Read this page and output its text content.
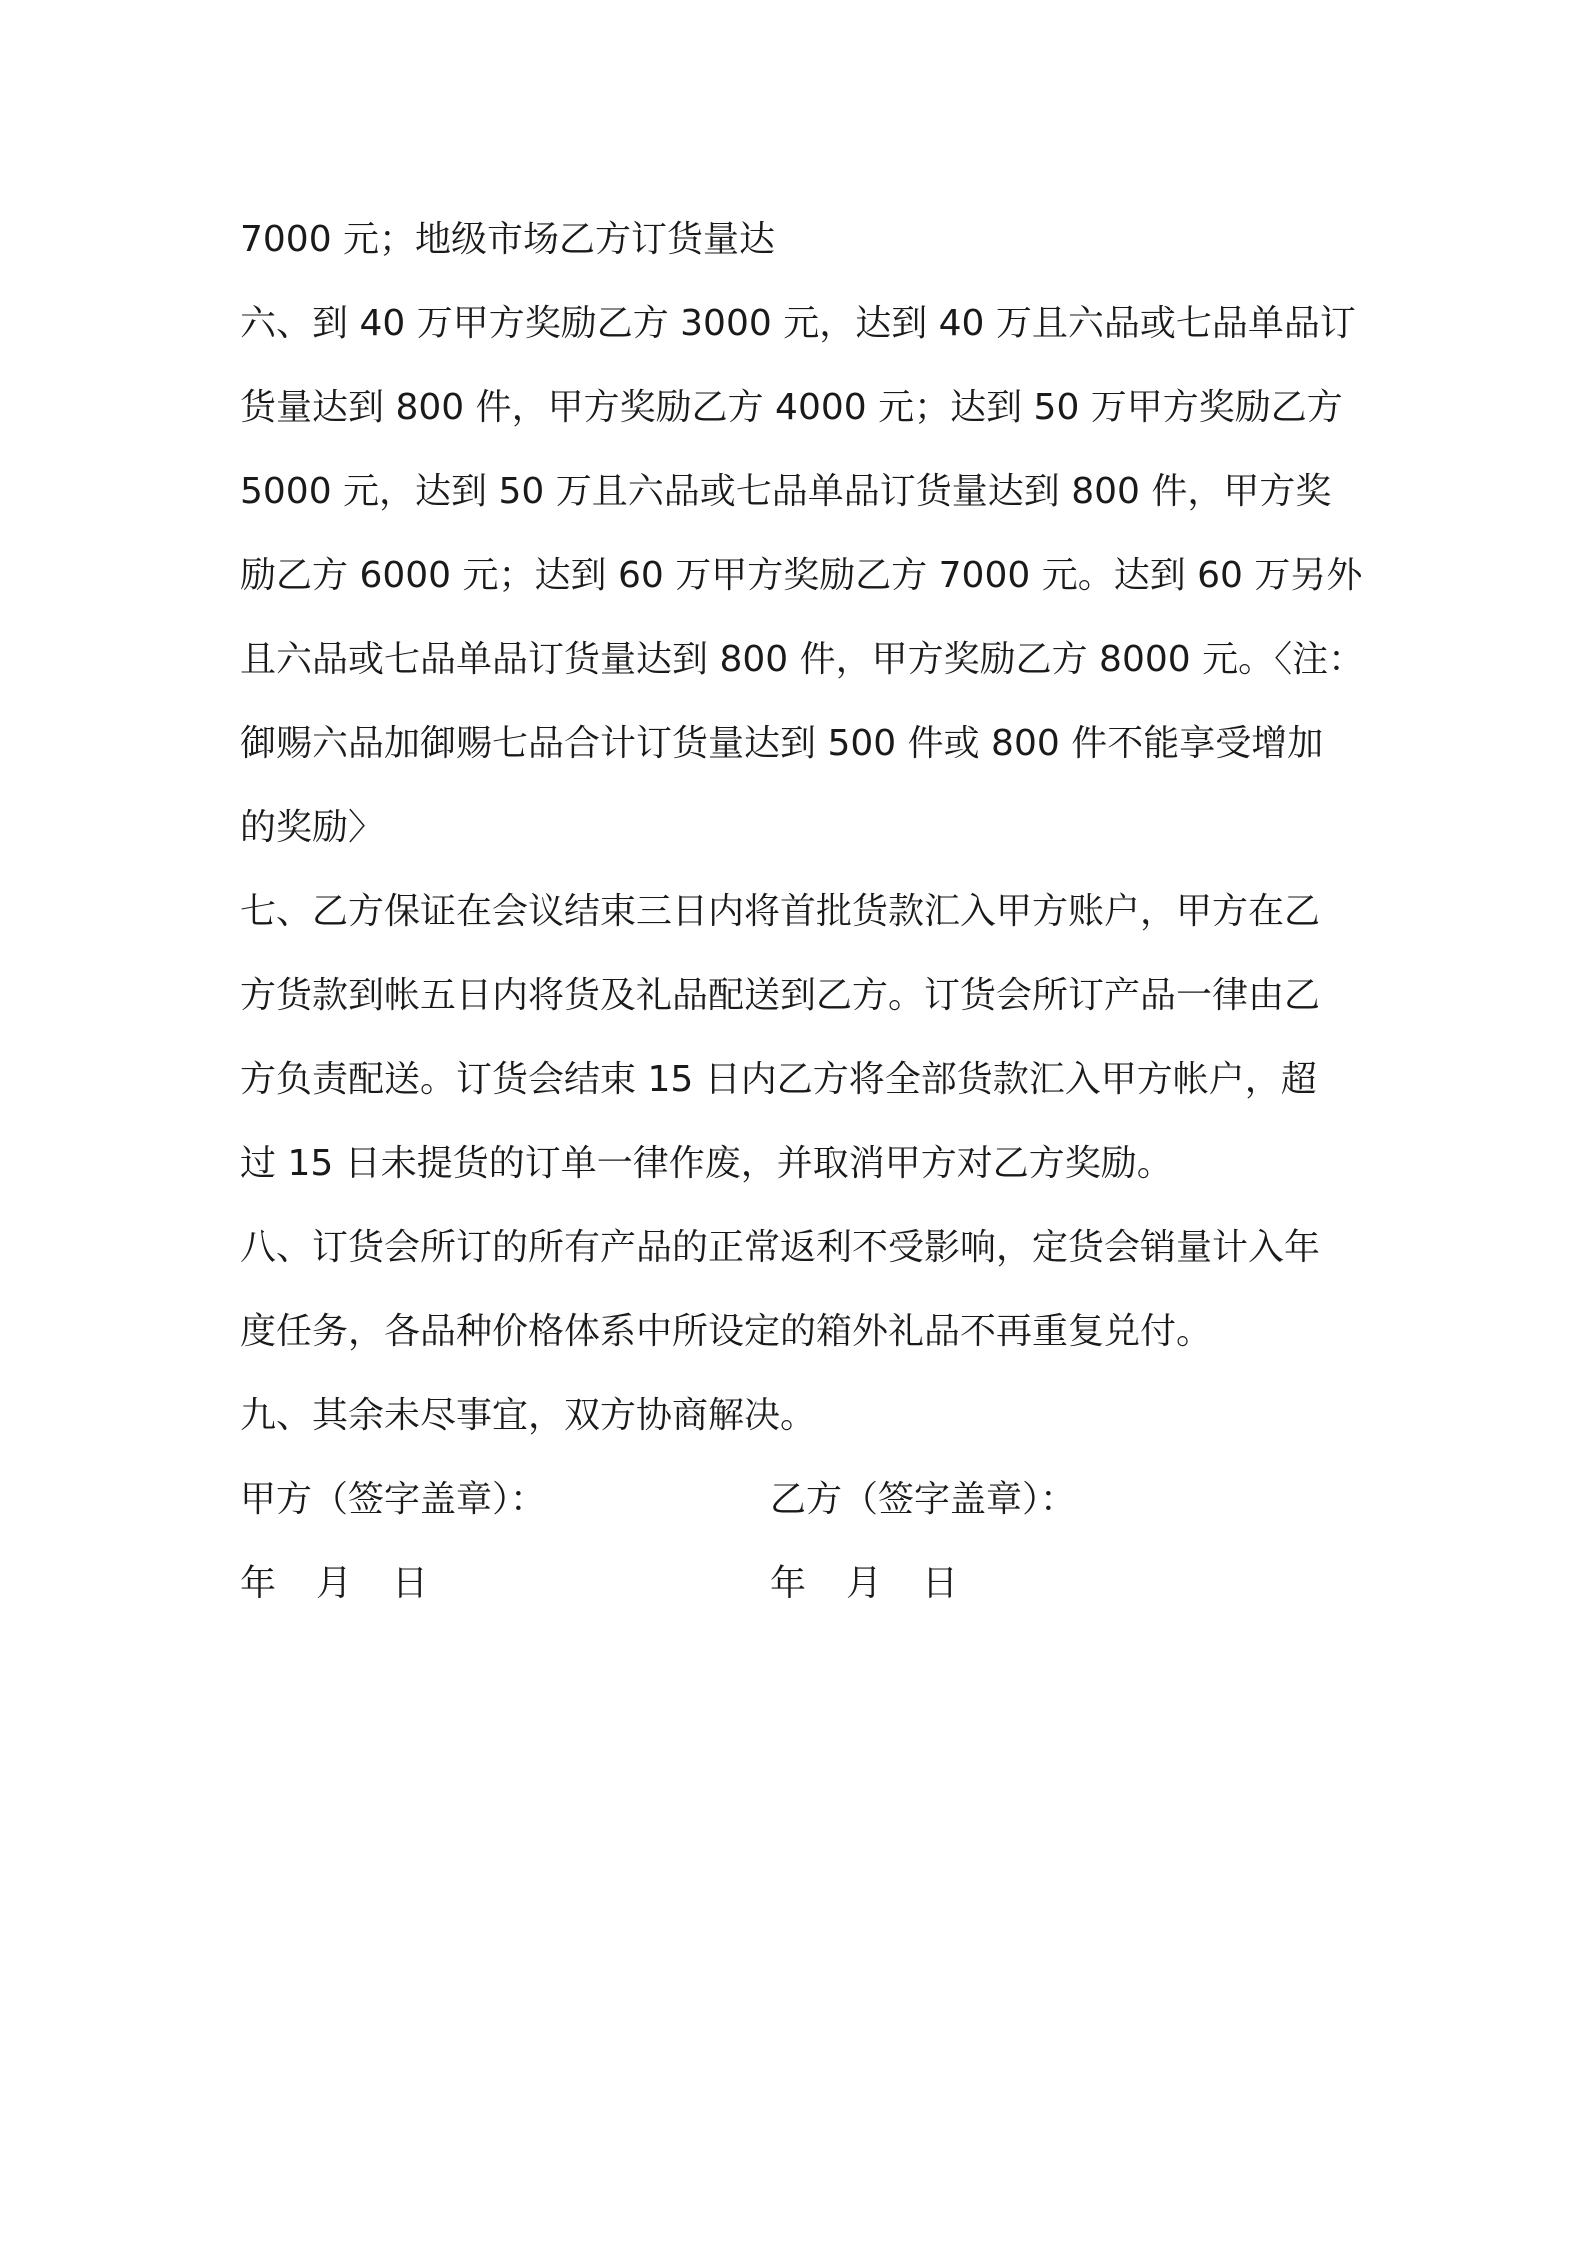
7000 元；地级市场乙方订货量达
六、到 40 万甲方奖励乙方 3000 元，达到 40 万且六品或七品单品订
货量达到 800 件，甲方奖励乙方 4000 元；达到 50 万甲方奖励乙方
5000 元，达到 50 万且六品或七品单品订货量达到 800 件，甲方奖
励乙方 6000 元；达到 60 万甲方奖励乙方 7000 元。达到 60 万另外
且六品或七品单品订货量达到 800 件，甲方奖励乙方 8000 元。〈注：
御赐六品加御赐七品合计订货量达到 500 件或 800 件不能享受增加
的奖励〉
七、乙方保证在会议结束三日内将首批货款汇入甲方账户，甲方在乙
方货款到帐五日内将货及礼品配送到乙方。订货会所订产品一律由乙
方负责配送。订货会结束 15 日内乙方将全部货款汇入甲方帐户，超
过 15 日未提货的订单一律作废，并取消甲方对乙方奖励。
八、订货会所订的所有产品的正常返利不受影响，定货会销量计入年
度任务，各品种价格体系中所设定的箱外礼品不再重复兑付。
九、其余未尽事宜，双方协商解决。
甲方（签字盖章）：	乙方（签字盖章）：
年 月 日	年 月 日
